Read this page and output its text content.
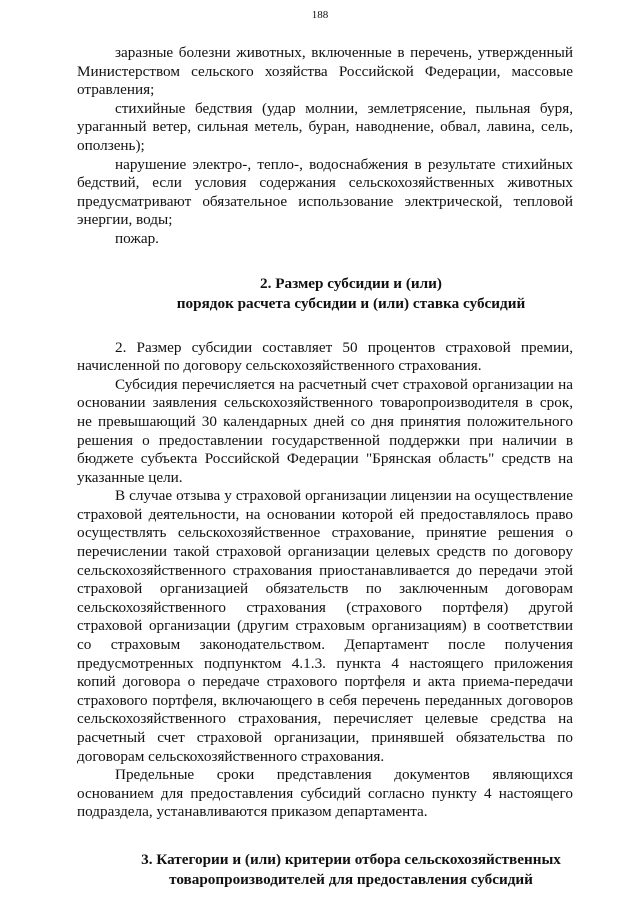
188

заразные болезни животных, включенные в перечень, утвержденный Министерством сельского хозяйства Российской Федерации, массовые отравления;

стихийные бедствия (удар молнии, землетрясение, пыльная буря, ураганный ветер, сильная метель, буран, наводнение, обвал, лавина, сель, оползень);

нарушение электро-, тепло-, водоснабжения в результате стихийных бедствий, если условия содержания сельскохозяйственных животных предусматривают обязательное использование электрической, тепловой энергии, воды;

пожар.

2. Размер субсидии и (или)
порядок расчета субсидии и (или) ставка субсидий

2. Размер субсидии составляет 50 процентов страховой премии, начисленной по договору сельскохозяйственного страхования.

Субсидия перечисляется на расчетный счет страховой организации на основании заявления сельскохозяйственного товаропроизводителя в срок, не превышающий 30 календарных дней со дня принятия положительного решения о предоставлении государственной поддержки при наличии в бюджете субъекта Российской Федерации "Брянская область" средств на указанные цели.

В случае отзыва у страховой организации лицензии на осуществление страховой деятельности, на основании которой ей предоставлялось право осуществлять сельскохозяйственное страхование, принятие решения о перечислении такой страховой организации целевых средств по договору сельскохозяйственного страхования приостанавливается до передачи этой страховой организацией обязательств по заключенным договорам сельскохозяйственного страхования (страхового портфеля) другой страховой организации (другим страховым организациям) в соответствии со страховым законодательством. Департамент после получения предусмотренных подпунктом 4.1.3. пункта 4 настоящего приложения копий договора о передаче страхового портфеля и акта приема-передачи страхового портфеля, включающего в себя перечень переданных договоров сельскохозяйственного страхования, перечисляет целевые средства на расчетный счет страховой организации, принявшей обязательства по договорам сельскохозяйственного страхования.

Предельные сроки представления документов являющихся основанием для предоставления субсидий согласно пункту 4 настоящего подраздела, устанавливаются приказом департамента.

3. Категории и (или) критерии отбора сельскохозяйственных
товаропроизводителей для предоставления субсидий
